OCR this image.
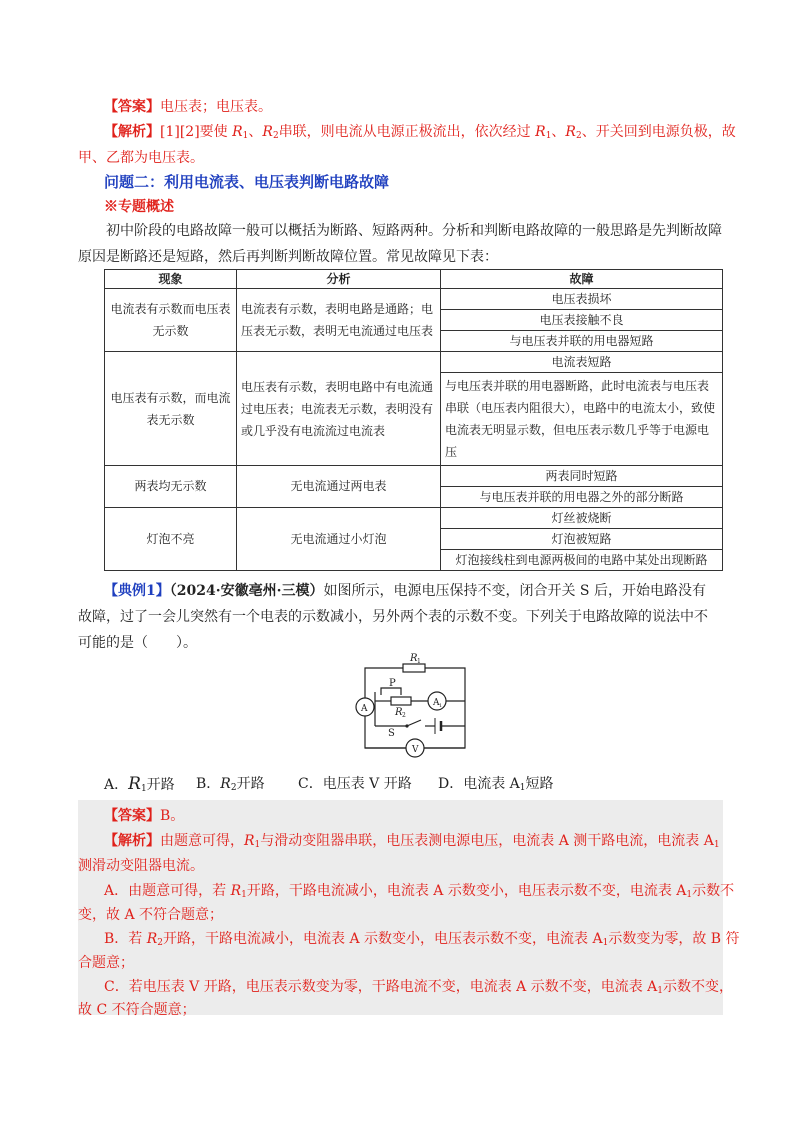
【答案】电压表；电压表。
【解析】[1][2]要使 $R_1$、$R_2$串联，则电流从电源正极流出，依次经过 $R_1$、$R_2$、开关回到电源负极，故
甲、乙都为电压表。
问题二：利用电流表、电压表判断电路故障
※专题概述
初中阶段的电路故障一般可以概括为断路、短路两种。分析和判断电路故障的一般思路是先判断故障原因是断路还是短路，然后再判断判断故障位置。常见故障见下表：
现象	分析	故障
电流表有示数而电压表无示数	电流表有示数，表明电路是通路；电压表无示数，表明无电流通过电压表	电压表损坏
		电压表接触不良
		与电压表并联的用电器短路
电压表有示数，而电流表无示数	电压表有示数，表明电路中有电流通过电压表；电流表无示数，表明没有或几乎没有电流流过电流表	电流表短路
		与电压表并联的用电器断路，此时电流表与电压表串联（电压表内阻很大），电路中的电流太小，致使电流表无明显示数，但电压表示数几乎等于电源电压
两表均无示数	无电流通过两电表	两表同时短路
		与电压表并联的用电器之外的部分断路
灯泡不亮	无电流通过小灯泡	灯丝被烧断
		灯泡被短路
		灯泡接线柱到电源两极间的电路中某处出现断路
【典例1】（2024·安徽亳州·三模）如图所示，电源电压保持不变，闭合开关 S 后，开始电路没有
故障，过了一会儿突然有一个电表的示数减小，另外两个表的示数不变。下列关于电路故障的说法中不
可能的是（　　）。
R 1
P
R 2
A
A 1
S
V
A．$R_1$开路 B．$R_2$开路 C．电压表 V 开路 D．电流表 $A_1$短路
【答案】B。
【解析】由题意可得，$R_1$与滑动变阻器串联，电压表测电源电压，电流表 A 测干路电流，电流表 $A_1$
测滑动变阻器电流。
A．由题意可得，若 $R_1$开路，干路电流减小，电流表 A 示数变小，电压表示数不变，电流表 $A_1$示数不
变，故 A 不符合题意；
B．若 $R_2$开路，干路电流减小，电流表 A 示数变小，电压表示数不变，电流表 $A_1$示数变为零，故 B 符
合题意；
C．若电压表 V 开路，电压表示数变为零，干路电流不变，电流表 A 示数不变，电流表 $A_1$示数不变，
故 C 不符合题意；
